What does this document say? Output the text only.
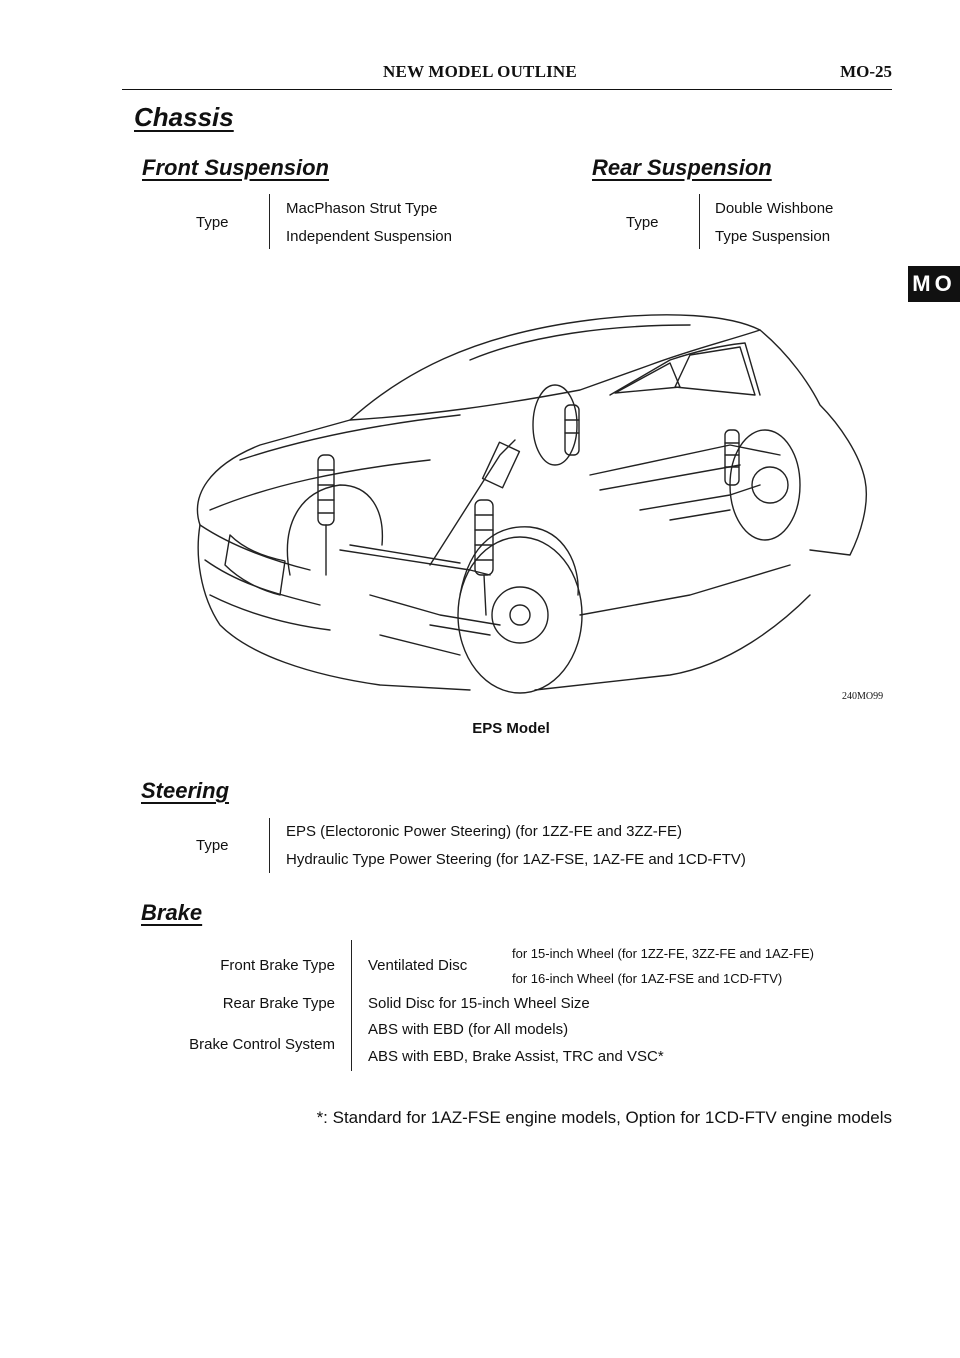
NEW MODEL OUTLINE	MO-25
MO
Chassis
Front Suspension
Type
MacPhason Strut Type
Independent Suspension
Rear Suspension
Type
Double Wishbone
Type Suspension
240MO99
EPS Model
Steering
Type
EPS (Electoronic Power Steering) (for 1ZZ-FE and 3ZZ-FE)
Hydraulic Type Power Steering (for 1AZ-FSE, 1AZ-FE and 1CD-FTV)
Brake
Front Brake Type Ventilated Disc
for 15-inch Wheel (for 1ZZ-FE, 3ZZ-FE and 1AZ-FE)
for 16-inch Wheel (for 1AZ-FSE and 1CD-FTV)
Rear Brake Type Solid Disc for 15-inch Wheel Size
Brake Control System
ABS with EBD (for All models)
ABS with EBD, Brake Assist, TRC and VSC*
*: Standard for 1AZ-FSE engine models, Option for 1CD-FTV engine models
